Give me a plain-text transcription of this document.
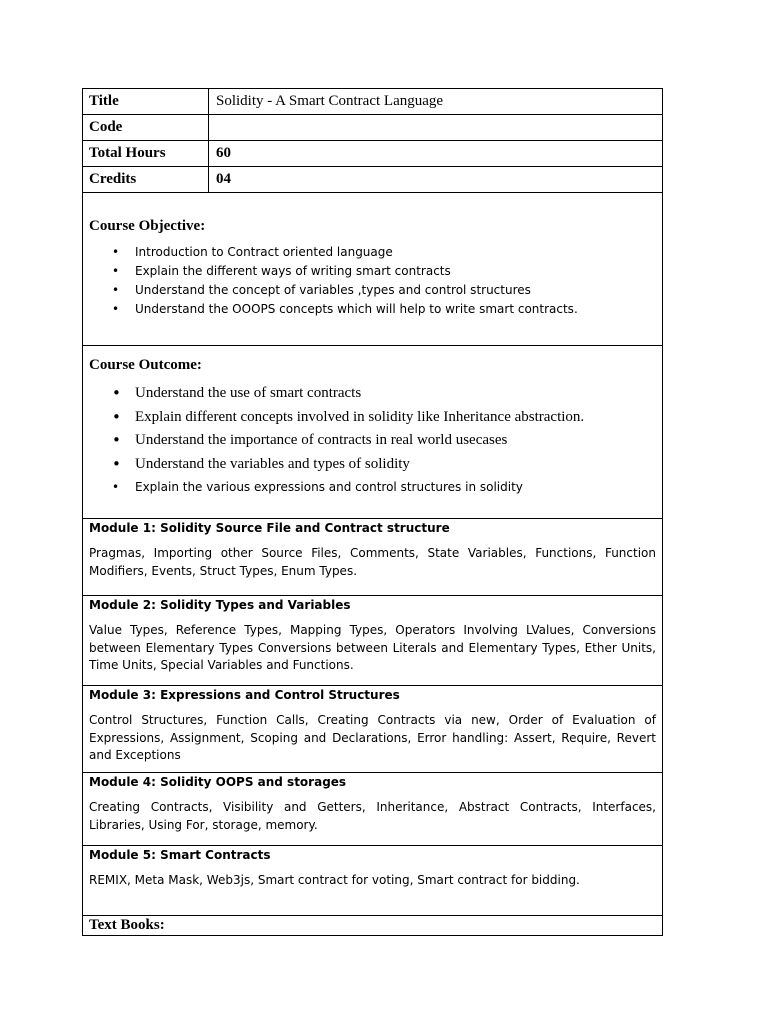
Title	Solidity - A Smart Contract Language
Code
Total Hours	60
Credits	04
Course Objective:
• Introduction to Contract oriented language
• Explain the different ways of writing smart contracts
• Understand the concept of variables ,types and control structures
• Understand the OOOPS concepts which will help to write smart contracts.
Course Outcome:
• Understand the use of smart contracts
• Explain different concepts involved in solidity like Inheritance abstraction.
• Understand the importance of contracts in real world usecases
• Understand the variables and types of solidity
• Explain the various expressions and control structures in solidity
Module 1: Solidity Source File and Contract structure
Pragmas, Importing other Source Files, Comments, State Variables, Functions, Function Modifiers, Events, Struct Types, Enum Types.
Module 2: Solidity Types and Variables
Value Types, Reference Types, Mapping Types, Operators Involving LValues, Conversions between Elementary Types Conversions between Literals and Elementary Types, Ether Units, Time Units, Special Variables and Functions.
Module 3: Expressions and Control Structures
Control Structures, Function Calls, Creating Contracts via new, Order of Evaluation of Expressions, Assignment, Scoping and Declarations, Error handling: Assert, Require, Revert and Exceptions
Module 4: Solidity OOPS and storages
Creating Contracts, Visibility and Getters, Inheritance, Abstract Contracts, Interfaces, Libraries, Using For, storage, memory.
Module 5: Smart Contracts
REMIX, Meta Mask, Web3js, Smart contract for voting, Smart contract for bidding.
Text Books:
